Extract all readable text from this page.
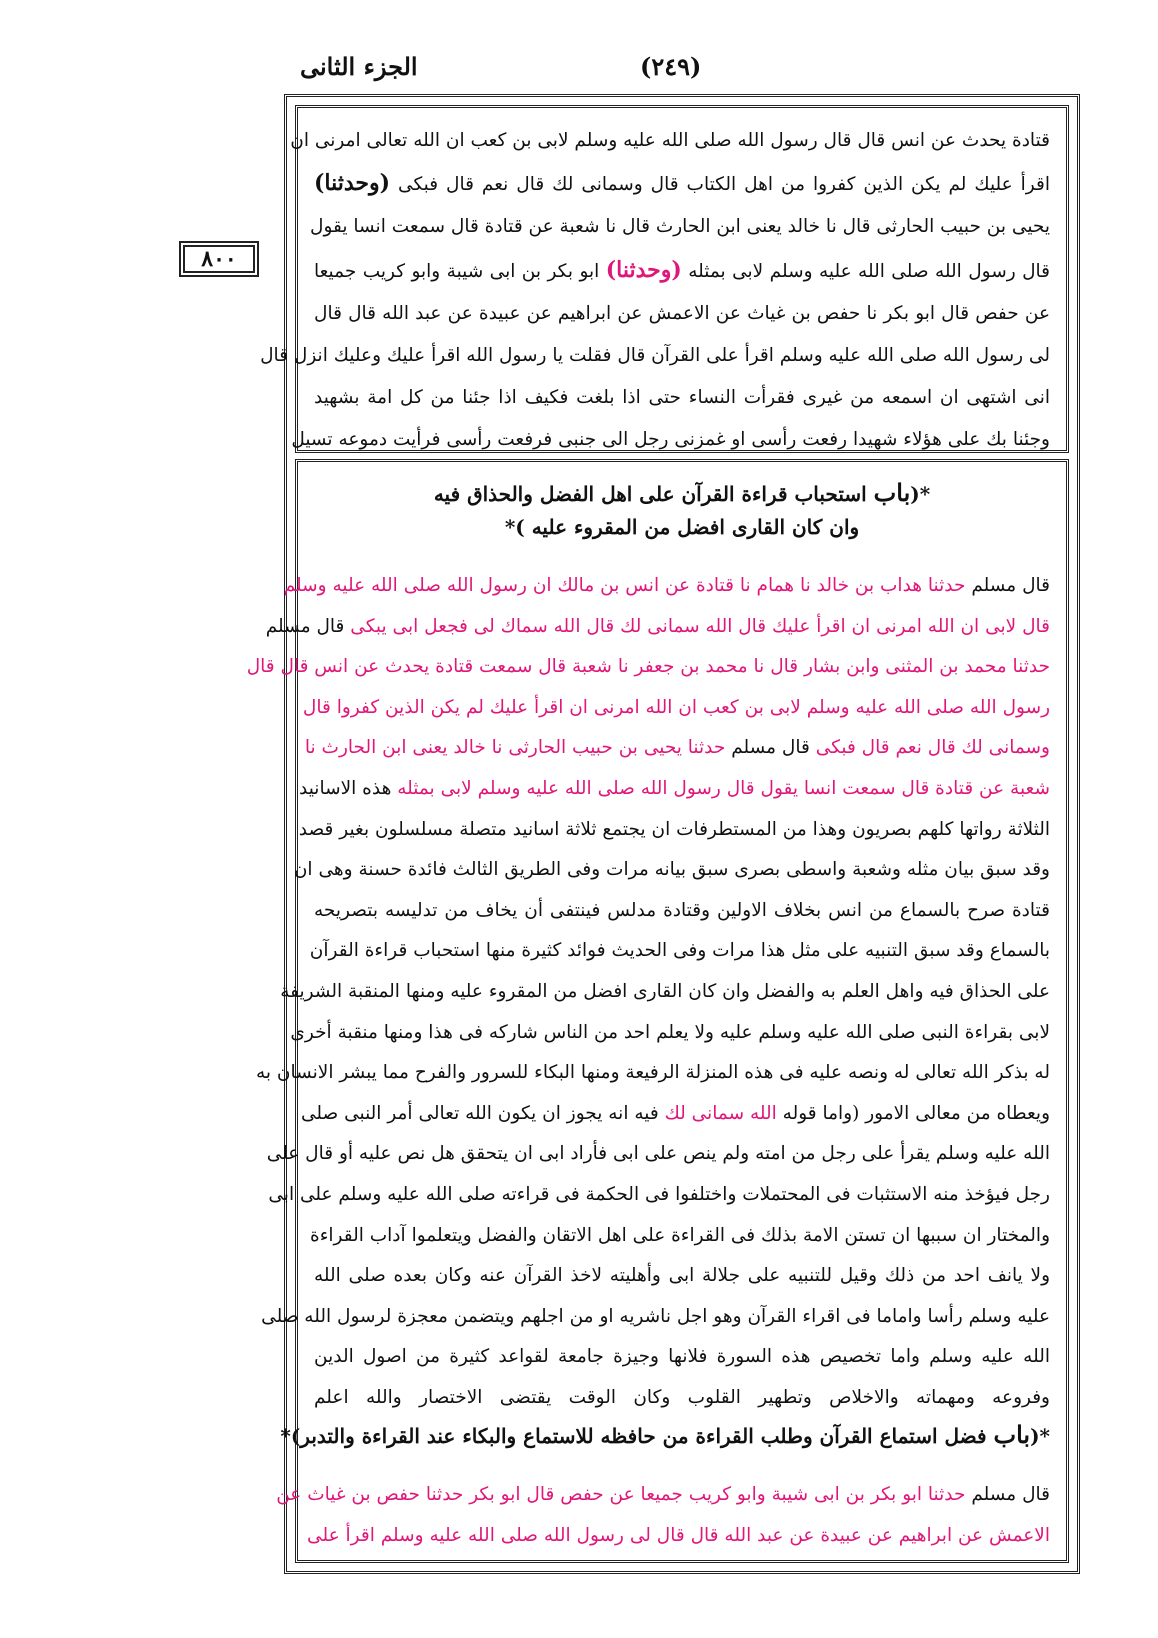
الجزء الثانی	(٢٤٩)
٨٠٠
قتادة يحدث عن انس قال قال رسول الله صلى الله عليه وسلم لابى بن كعب ان الله تعالى امرنى ان
اقرأ عليك لم يكن الذين كفروا من اهل الكتاب قال وسمانى لك قال نعم قال فبكى (وحدثنا)
يحيى بن حبيب الحارثى قال نا خالد يعنى ابن الحارث قال نا شعبة عن قتادة قال سمعت انسا يقول
قال رسول الله صلى الله عليه وسلم لابى بمثله (وحدثنا) ابو بكر بن ابى شيبة وابو كريب جميعا
عن حفص قال ابو بكر نا حفص بن غياث عن الاعمش عن ابراهيم عن عبيدة عن عبد الله قال قال
لى رسول الله صلى الله عليه وسلم اقرأ على القرآن قال فقلت يا رسول الله اقرأ عليك وعليك انزل قال
انى اشتهى ان اسمعه من غيرى فقرأت النساء حتى اذا بلغت فكيف اذا جئنا من كل امة بشهيد
وجئنا بك على هؤلاء شهيدا رفعت رأسى او غمزنى رجل الى جنبى فرفعت رأسى فرأيت دموعه تسيل
*(باب استحباب قراءة القرآن على اهل الفضل والحذاق فيه
وان كان القارى افضل من المقروء عليه )*
قال مسلم حدثنا هداب بن خالد نا همام نا قتادة عن انس بن مالك ان رسول الله صلى الله عليه وسلم
قال لابى ان الله امرنى ان اقرأ عليك قال الله سمانى لك قال الله سماك لى فجعل ابى يبكى قال مسلم
حدثنا محمد بن المثنى وابن بشار قال نا محمد بن جعفر نا شعبة قال سمعت قتادة يحدث عن انس قال قال
رسول الله صلى الله عليه وسلم لابى بن كعب ان الله امرنى ان اقرأ عليك لم يكن الذين كفروا قال
وسمانى لك قال نعم قال فبكى قال مسلم حدثنا يحيى بن حبيب الحارثى نا خالد يعنى ابن الحارث نا
شعبة عن قتادة قال سمعت انسا يقول قال رسول الله صلى الله عليه وسلم لابى بمثله هذه الاسانيد
الثلاثة رواتها كلهم بصريون وهذا من المستطرفات ان يجتمع ثلاثة اسانيد متصلة مسلسلون بغير قصد
وقد سبق بيان مثله وشعبة واسطى بصرى سبق بيانه مرات وفى الطريق الثالث فائدة حسنة وهى ان
قتادة صرح بالسماع من انس بخلاف الاولين وقتادة مدلس فينتفى أن يخاف من تدليسه بتصريحه
بالسماع وقد سبق التنبيه على مثل هذا مرات وفى الحديث فوائد كثيرة منها استحباب قراءة القرآن
على الحذاق فيه واهل العلم به والفضل وان كان القارى افضل من المقروء عليه ومنها المنقبة الشريفة
لابى بقراءة النبى صلى الله عليه وسلم عليه ولا يعلم احد من الناس شاركه فى هذا ومنها منقبة أخرى
له بذكر الله تعالى له ونصه عليه فى هذه المنزلة الرفيعة ومنها البكاء للسرور والفرح مما يبشر الانسان به
ويعطاه من معالى الامور (واما قوله الله سمانى لك فيه انه يجوز ان يكون الله تعالى أمر النبى صلى
الله عليه وسلم يقرأ على رجل من امته ولم ينص على ابى فأراد ابى ان يتحقق هل نص عليه أو قال على
رجل فيؤخذ منه الاستثبات فى المحتملات واختلفوا فى الحكمة فى قراءته صلى الله عليه وسلم على ابى
والمختار ان سببها ان تستن الامة بذلك فى القراءة على اهل الاتقان والفضل ويتعلموا آداب القراءة
ولا يانف احد من ذلك وقيل للتنبيه على جلالة ابى وأهليته لاخذ القرآن عنه وكان بعده صلى الله
عليه وسلم رأسا واماما فى اقراء القرآن وهو اجل ناشريه او من اجلهم ويتضمن معجزة لرسول الله صلى
الله عليه وسلم واما تخصيص هذه السورة فلانها وجيزة جامعة لقواعد كثيرة من اصول الدين
وفروعه ومهماته والاخلاص وتطهير القلوب وكان الوقت يقتضى الاختصار والله اعلم
*(باب فضل استماع القرآن وطلب القراءة من حافظه للاستماع والبكاء عند القراءة والتدبر)*
قال مسلم حدثنا ابو بكر بن ابى شيبة وابو كريب جميعا عن حفص قال ابو بكر حدثنا حفص بن غياث عن
الاعمش عن ابراهيم عن عبيدة عن عبد الله قال قال لى رسول الله صلى الله عليه وسلم اقرأ على
